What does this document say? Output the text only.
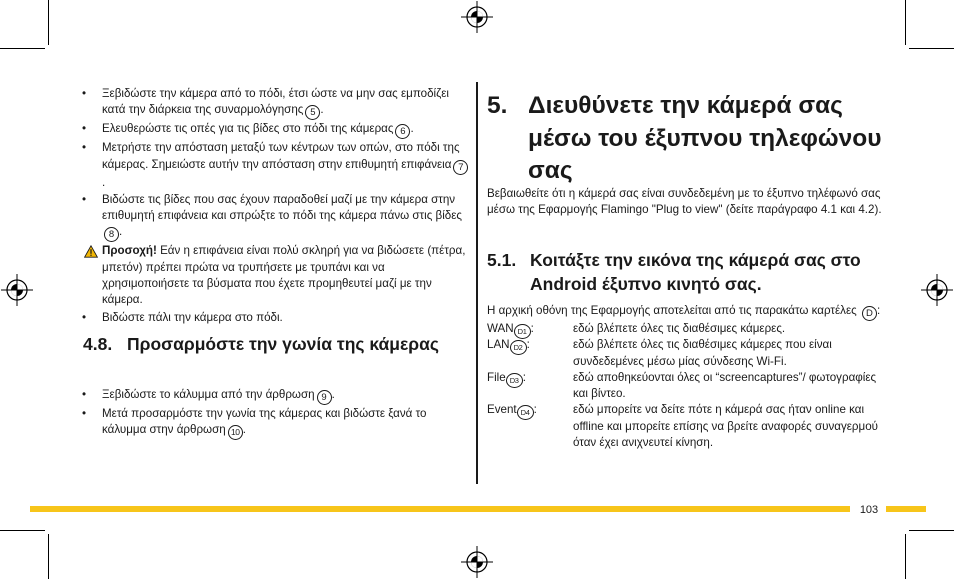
• Ξεβιδώστε την κάμερα από το πόδι, έτσι ώστε να μην σας εμποδίζει κατά την διάρκεια της συναρμολόγησης 5 .
• Ελευθερώστε τις οπές για τις βίδες στο πόδι της κάμερας 6 .
• Μετρήστε την απόσταση μεταξύ των κέντρων των οπών, στο πόδι της κάμερας. Σημειώστε αυτήν την απόσταση στην επιθυμητή επιφάνεια 7.
• Βιδώστε τις βίδες που σας έχουν παραδοθεί μαζί με την κάμερα στην επιθυμητή επιφάνεια και σπρώξτε το πόδι της κάμερα πάνω στις βίδες8 .
Προσοχή! Εάν η επιφάνεια είναι πολύ σκληρή για να βιδώσετε (πέτρα, μπετόν) πρέπει πρώτα να τρυπήσετε με τρυπάνι και να χρησιμοποιήσετε τα βύσματα που έχετε προμηθευτεί μαζί με την κάμερα.
• Βιδώστε πάλι την κάμερα στο πόδι.
4.8. Προσαρμόστε την γωνία της κάμερας
• Ξεβιδώστε το κάλυμμα από την άρθρωση 9 .
• Μετά προσαρμόστε την γωνία της κάμερας και βιδώστε ξανά το κάλυμμα στην άρθρωση 10 .
5. Διευθύνετε την κάμερά σας μέσω του έξυπνου τηλεφώνου σας
Βεβαιωθείτε ότι η κάμερά σας είναι συνδεδεμένη με το έξυπνο τηλέφωνό σας μέσω της Εφαρμογής Flamingo "Plug to view" (δείτε παράγραφο 4.1 και 4.2).
5.1. Κοιτάξτε την εικόνα της κάμερά σας στο Android έξυπνο κινητό σας.
Η αρχική οθόνη της Εφαρμογής αποτελείται από τις παρακάτω καρτέλες D :
WAN D1 :	εδώ βλέπετε όλες τις διαθέσιμες κάμερες.
LAN D2 :	εδώ βλέπετε όλες τις διαθέσιμες κάμερες που είναι συνδεδεμένες μέσω μίας σύνδεσης Wi-Fi.
File D3 :	εδώ αποθηκεύονται όλες οι “screencaptures”/ φωτογραφίες και βίντεο.
Event D4 :	εδώ μπορείτε να δείτε πότε η κάμερά σας ήταν online και offline και μπορείτε επίσης να βρείτε αναφορές συναγερμού όταν έχει ανιχνευτεί κίνηση.
103
